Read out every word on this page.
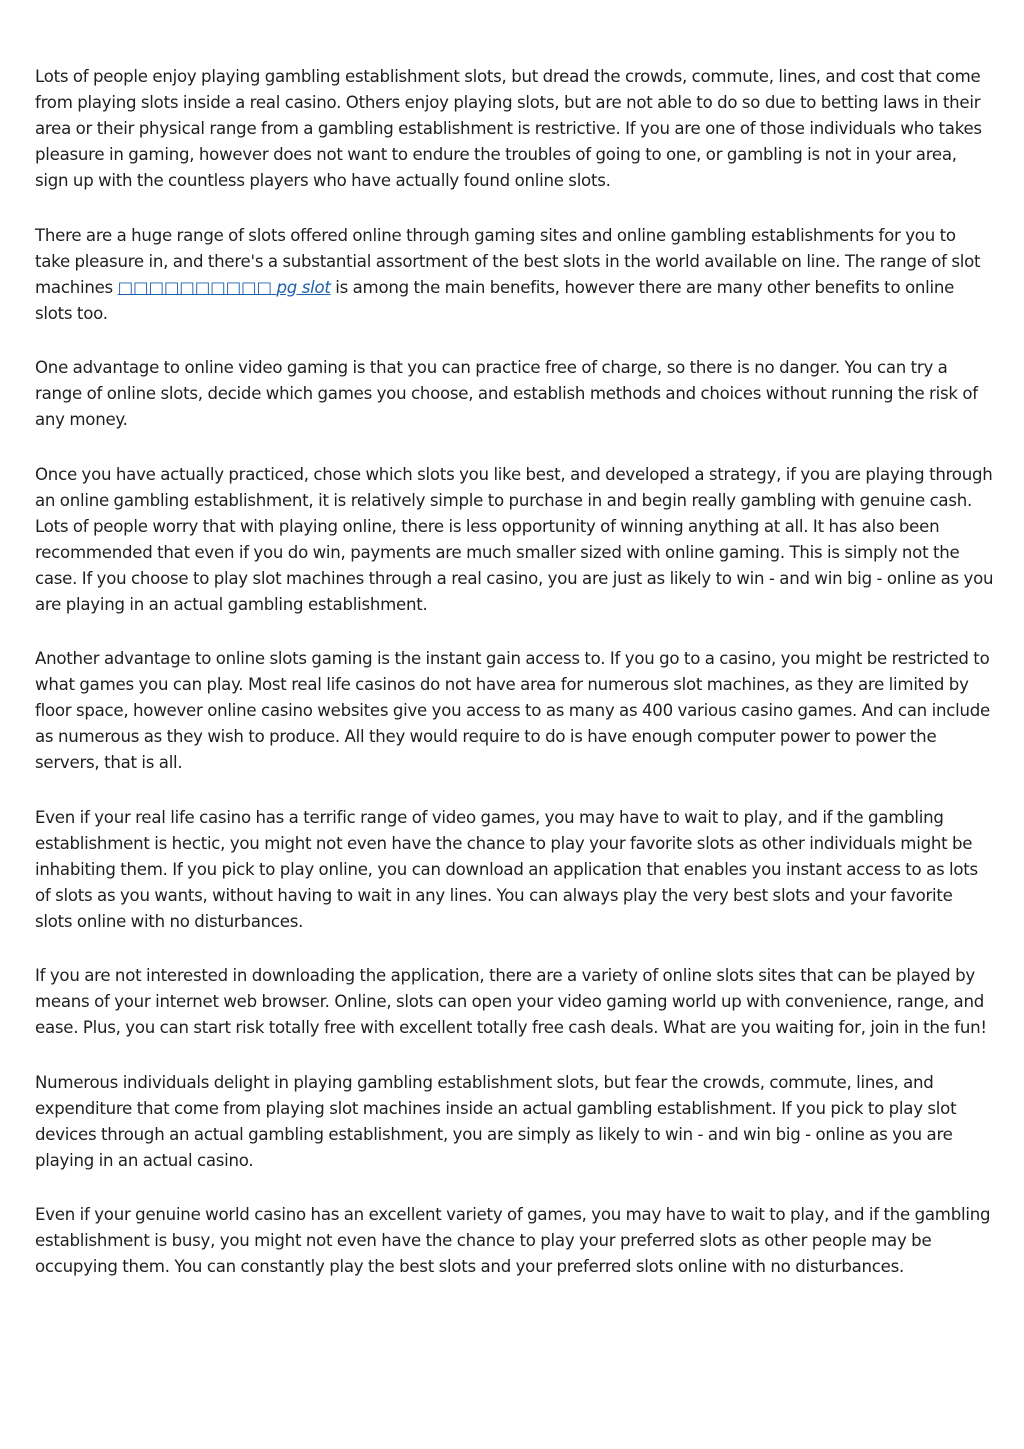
Lots of people enjoy playing gambling establishment slots, but dread the crowds, commute, lines, and cost that come from playing slots inside a real casino. Others enjoy playing slots, but are not able to do so due to betting laws in their area or their physical range from a gambling establishment is restrictive. If you are one of those individuals who takes pleasure in gaming, however does not want to endure the troubles of going to one, or gambling is not in your area, sign up with the countless players who have actually found online slots.

There are a huge range of slots offered online through gaming sites and online gambling establishments for you to take pleasure in, and there's a substantial assortment of the best slots in the world available on line. The range of slot machines □□□□□□□□□□ pg slot is among the main benefits, however there are many other benefits to online slots too.

One advantage to online video gaming is that you can practice free of charge, so there is no danger. You can try a range of online slots, decide which games you choose, and establish methods and choices without running the risk of any money.

Once you have actually practiced, chose which slots you like best, and developed a strategy, if you are playing through an online gambling establishment, it is relatively simple to purchase in and begin really gambling with genuine cash. Lots of people worry that with playing online, there is less opportunity of winning anything at all. It has also been recommended that even if you do win, payments are much smaller sized with online gaming. This is simply not the case. If you choose to play slot machines through a real casino, you are just as likely to win - and win big - online as you are playing in an actual gambling establishment.

Another advantage to online slots gaming is the instant gain access to. If you go to a casino, you might be restricted to what games you can play. Most real life casinos do not have area for numerous slot machines, as they are limited by floor space, however online casino websites give you access to as many as 400 various casino games. And can include as numerous as they wish to produce. All they would require to do is have enough computer power to power the servers, that is all.

Even if your real life casino has a terrific range of video games, you may have to wait to play, and if the gambling establishment is hectic, you might not even have the chance to play your favorite slots as other individuals might be inhabiting them. If you pick to play online, you can download an application that enables you instant access to as lots of slots as you wants, without having to wait in any lines. You can always play the very best slots and your favorite slots online with no disturbances.

If you are not interested in downloading the application, there are a variety of online slots sites that can be played by means of your internet web browser. Online, slots can open your video gaming world up with convenience, range, and ease. Plus, you can start risk totally free with excellent totally free cash deals. What are you waiting for, join in the fun!

Numerous individuals delight in playing gambling establishment slots, but fear the crowds, commute, lines, and expenditure that come from playing slot machines inside an actual gambling establishment. If you pick to play slot devices through an actual gambling establishment, you are simply as likely to win - and win big - online as you are playing in an actual casino.

Even if your genuine world casino has an excellent variety of games, you may have to wait to play, and if the gambling establishment is busy, you might not even have the chance to play your preferred slots as other people may be occupying them. You can constantly play the best slots and your preferred slots online with no disturbances.
